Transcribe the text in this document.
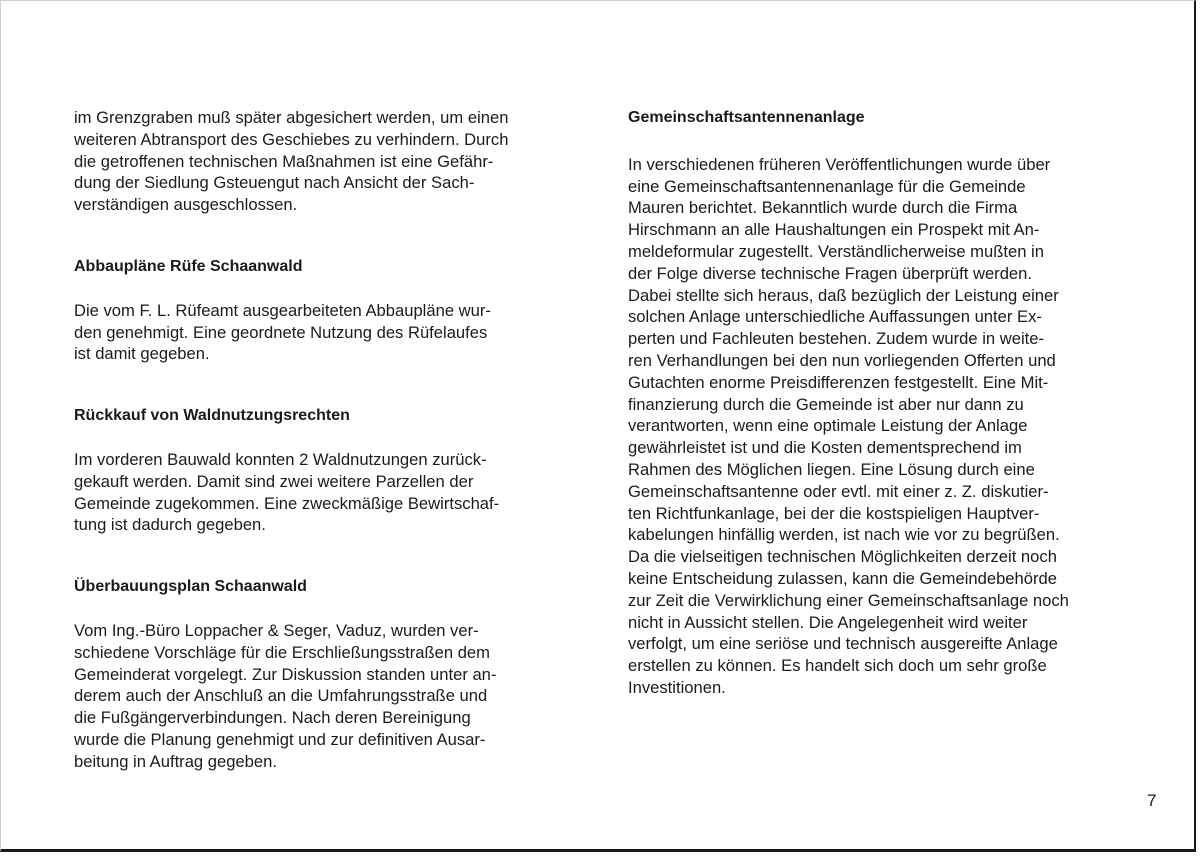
im Grenzgraben muß später abgesichert werden, um einen
weiteren Abtransport des Geschiebes zu verhindern. Durch
die getroffenen technischen Maßnahmen ist eine Gefähr-
dung der Siedlung Gsteuengut nach Ansicht der Sach-
verständigen ausgeschlossen.

Abbaupläne Rüfe Schaanwald

Die vom F. L. Rüfeamt ausgearbeiteten Abbaupläne wur-
den genehmigt. Eine geordnete Nutzung des Rüfelaufes
ist damit gegeben.

Rückkauf von Waldnutzungsrechten

Im vorderen Bauwald konnten 2 Waldnutzungen zurück-
gekauft werden. Damit sind zwei weitere Parzellen der
Gemeinde zugekommen. Eine zweckmäßige Bewirtschaf-
tung ist dadurch gegeben.

Überbauungsplan Schaanwald

Vom Ing.-Büro Loppacher & Seger, Vaduz, wurden ver-
schiedene Vorschläge für die Erschließungsstraßen dem
Gemeinderat vorgelegt. Zur Diskussion standen unter an-
derem auch der Anschluß an die Umfahrungsstraße und
die Fußgängerverbindungen. Nach deren Bereinigung
wurde die Planung genehmigt und zur definitiven Ausar-
beitung in Auftrag gegeben.

Gemeinschaftsantennenanlage

In verschiedenen früheren Veröffentlichungen wurde über
eine Gemeinschaftsantennenanlage für die Gemeinde
Mauren berichtet. Bekanntlich wurde durch die Firma
Hirschmann an alle Haushaltungen ein Prospekt mit An-
meldeformular zugestellt. Verständlicherweise mußten in
der Folge diverse technische Fragen überprüft werden.
Dabei stellte sich heraus, daß bezüglich der Leistung einer
solchen Anlage unterschiedliche Auffassungen unter Ex-
perten und Fachleuten bestehen. Zudem wurde in weite-
ren Verhandlungen bei den nun vorliegenden Offerten und
Gutachten enorme Preisdifferenzen festgestellt. Eine Mit-
finanzierung durch die Gemeinde ist aber nur dann zu
verantworten, wenn eine optimale Leistung der Anlage
gewährleistet ist und die Kosten dementsprechend im
Rahmen des Möglichen liegen. Eine Lösung durch eine
Gemeinschaftsantenne oder evtl. mit einer z. Z. diskutier-
ten Richtfunkanlage, bei der die kostspieligen Hauptver-
kabelungen hinfällig werden, ist nach wie vor zu begrüßen.
Da die vielseitigen technischen Möglichkeiten derzeit noch
keine Entscheidung zulassen, kann die Gemeindebehörde
zur Zeit die Verwirklichung einer Gemeinschaftsanlage noch
nicht in Aussicht stellen. Die Angelegenheit wird weiter
verfolgt, um eine seriöse und technisch ausgereifte Anlage
erstellen zu können. Es handelt sich doch um sehr große
Investitionen.

7
